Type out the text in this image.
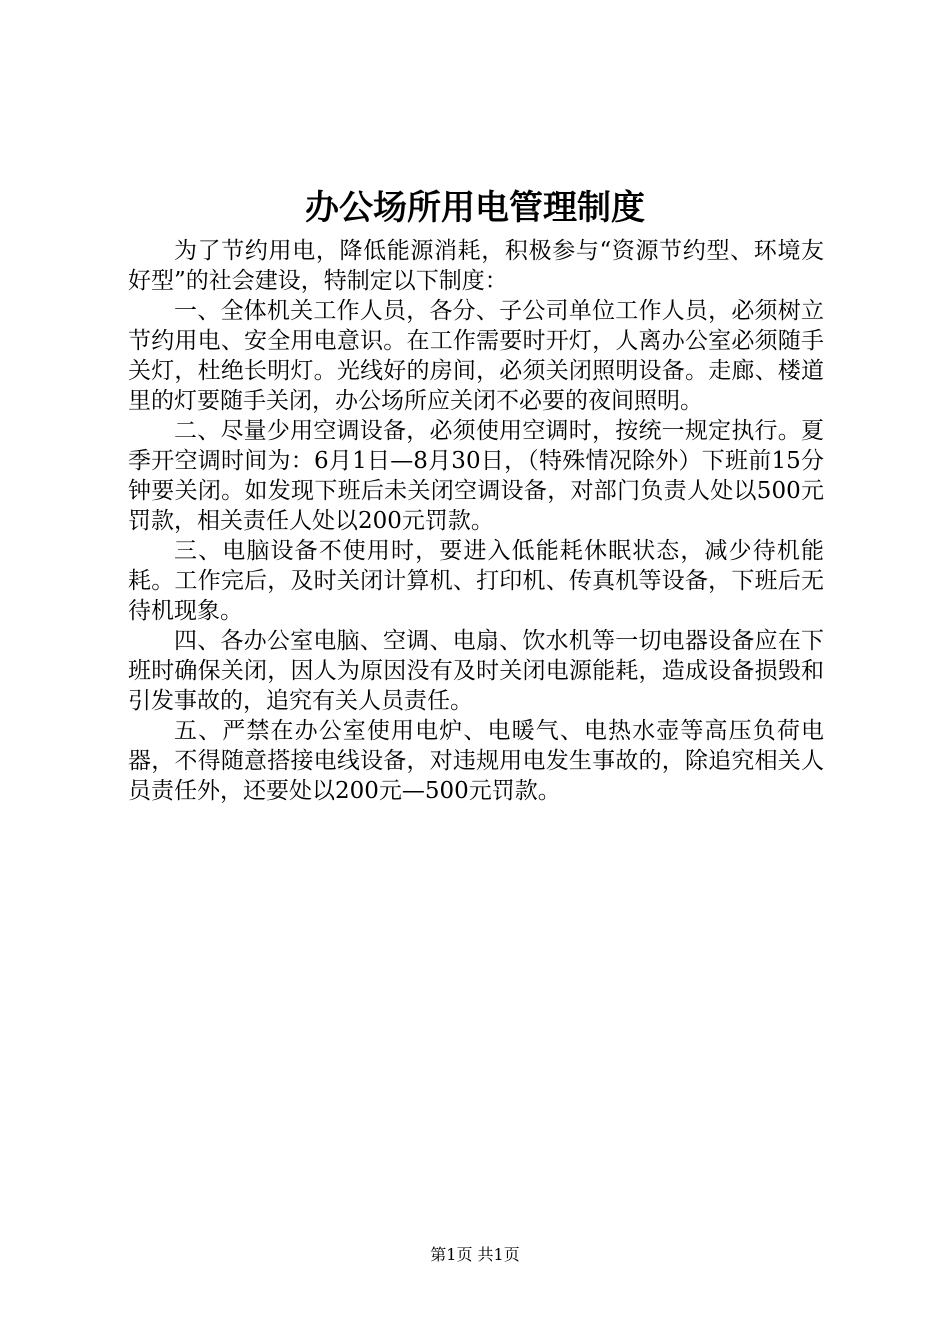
办公场所用电管理制度

为了节约用电，降低能源消耗，积极参与“资源节约型、环境友好型”的社会建设，特制定以下制度：

一、全体机关工作人员，各分、子公司单位工作人员，必须树立节约用电、安全用电意识。在工作需要时开灯，人离办公室必须随手关灯，杜绝长明灯。光线好的房间，必须关闭照明设备。走廊、楼道里的灯要随手关闭，办公场所应关闭不必要的夜间照明。

二、尽量少用空调设备，必须使用空调时，按统一规定执行。夏季开空调时间为：6月1日—8月30日，（特殊情况除外）下班前15分钟要关闭。如发现下班后未关闭空调设备，对部门负责人处以500元罚款，相关责任人处以200元罚款。

三、电脑设备不使用时，要进入低能耗休眠状态，减少待机能耗。工作完后，及时关闭计算机、打印机、传真机等设备，下班后无待机现象。

四、各办公室电脑、空调、电扇、饮水机等一切电器设备应在下班时确保关闭，因人为原因没有及时关闭电源能耗，造成设备损毁和引发事故的，追究有关人员责任。

五、严禁在办公室使用电炉、电暖气、电热水壶等高压负荷电器，不得随意搭接电线设备，对违规用电发生事故的，除追究相关人员责任外，还要处以200元—500元罚款。

第1页 共1页
